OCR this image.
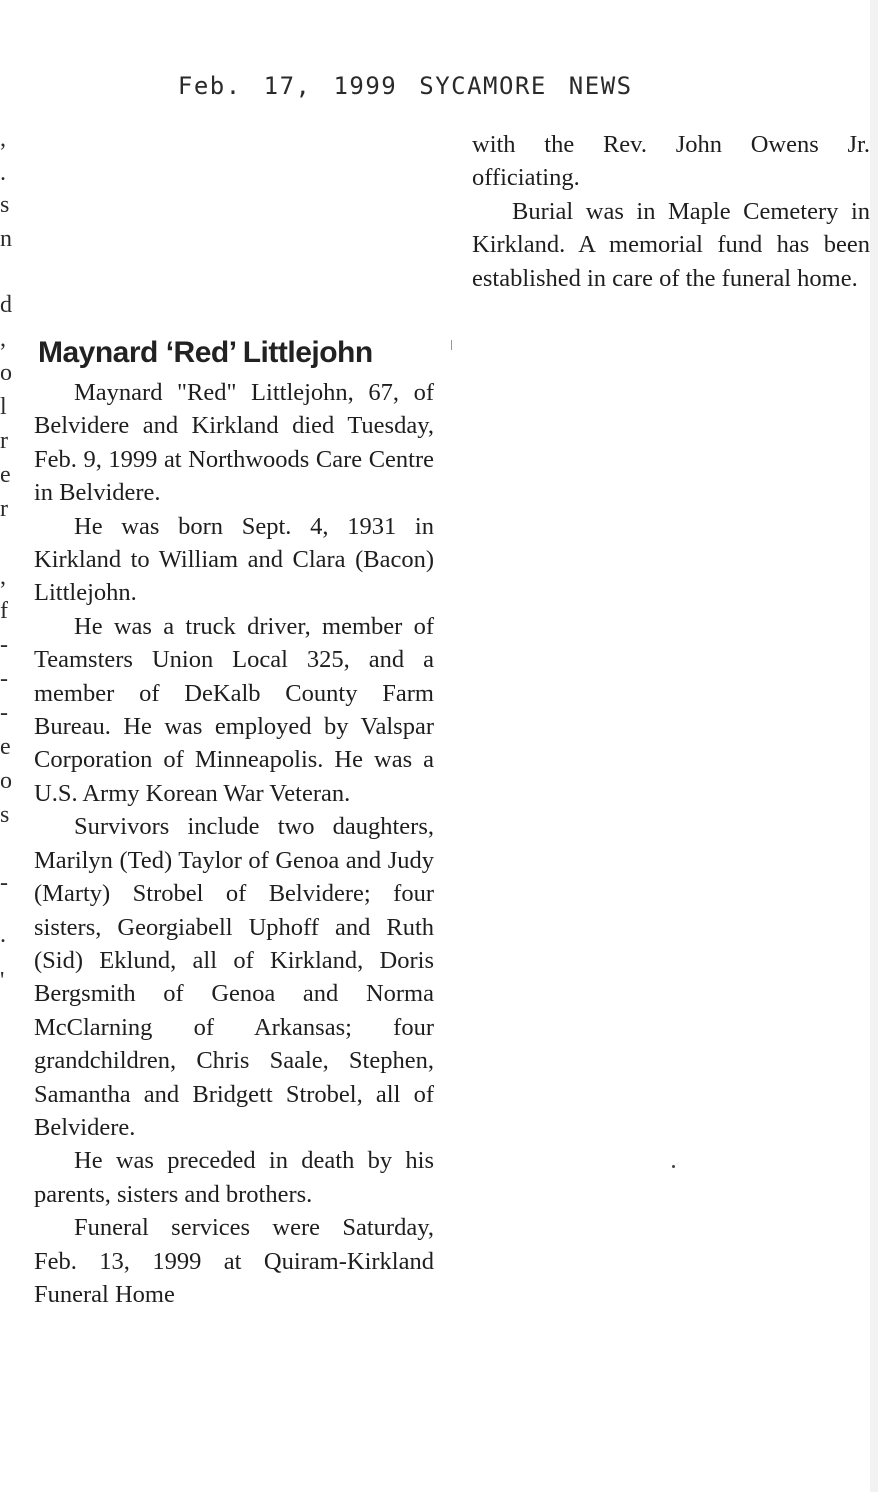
Feb. 17, 1999 SYCAMORE NEWS

,
.
s
n
d
,
o
l
r
e
r
,
f
-
-
-
e
o
s
-
.
'
Maynard ‘Red’ Littlejohn

Maynard "Red" Littlejohn, 67, of Belvidere and Kirkland died Tuesday, Feb. 9, 1999 at Northwoods Care Centre in Belvidere.

He was born Sept. 4, 1931 in Kirkland to William and Clara (Bacon) Littlejohn.

He was a truck driver, member of Teamsters Union Local 325, and a member of DeKalb County Farm Bureau. He was employed by Valspar Corporation of Minneapolis. He was a U.S. Army Korean War Veteran.

Survivors include two daughters, Marilyn (Ted) Taylor of Genoa and Judy (Marty) Strobel of Belvidere; four sisters, Georgiabell Uphoff and Ruth (Sid) Eklund, all of Kirkland, Doris Bergsmith of Genoa and Norma McClarning of Arkansas; four grandchildren, Chris Saale, Stephen, Samantha and Bridgett Strobel, all of Belvidere.

He was preceded in death by his parents, sisters and brothers.

Funeral services were Saturday, Feb. 13, 1999 at Quiram-Kirkland Funeral Home

with the Rev. John Owens Jr. officiating.

Burial was in Maple Cemetery in Kirkland. A memorial fund has been established in care of the funeral home.
